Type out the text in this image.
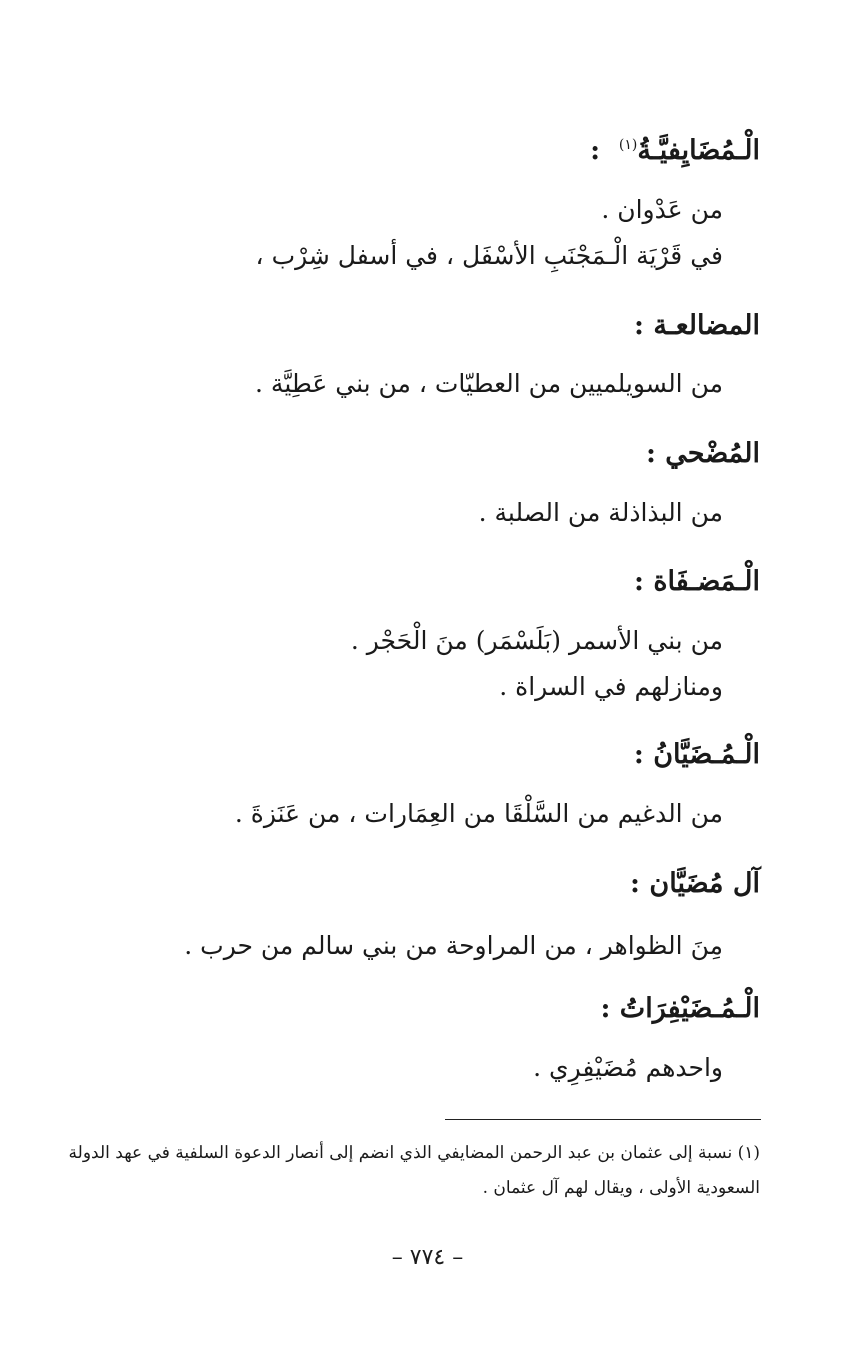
الْـمُضَايِفيَّـةُ$^{(١)}$  :
من عَدْوان .
في قَرْيَة الْـمَجْنَبِ الأسْفَل ، في أسفل شِرْب ،
المضالعـة :
من السويلميين من العطيّات ، من بني عَطِيَّة .
المُضْحي :
من البذاذلة من الصلبة .
الْـمَضـفَاة :
من بني الأسمر (بَلَسْمَر) منَ الْحَجْر .
ومنازلهم في السراة .
الْـمُـضَيَّانُ :
من الدغيم من السَّلْقَا من العِمَارات ، من عَنَزةَ .
آل مُضَيَّان :
مِنَ الظواهر ، من المراوحة من بني سالم من حرب .
الْـمُـضَيْفِرَاتُ :
واحدهم مُضَيْفِرِي .
(١) نسبة إلى عثمان بن عبد الرحمن المضايفي الذي انضم إلى أنصار الدعوة السلفية في عهد الدولة
السعودية الأولى ، ويقال لهم آل عثمان .
– ٧٧٤ –
